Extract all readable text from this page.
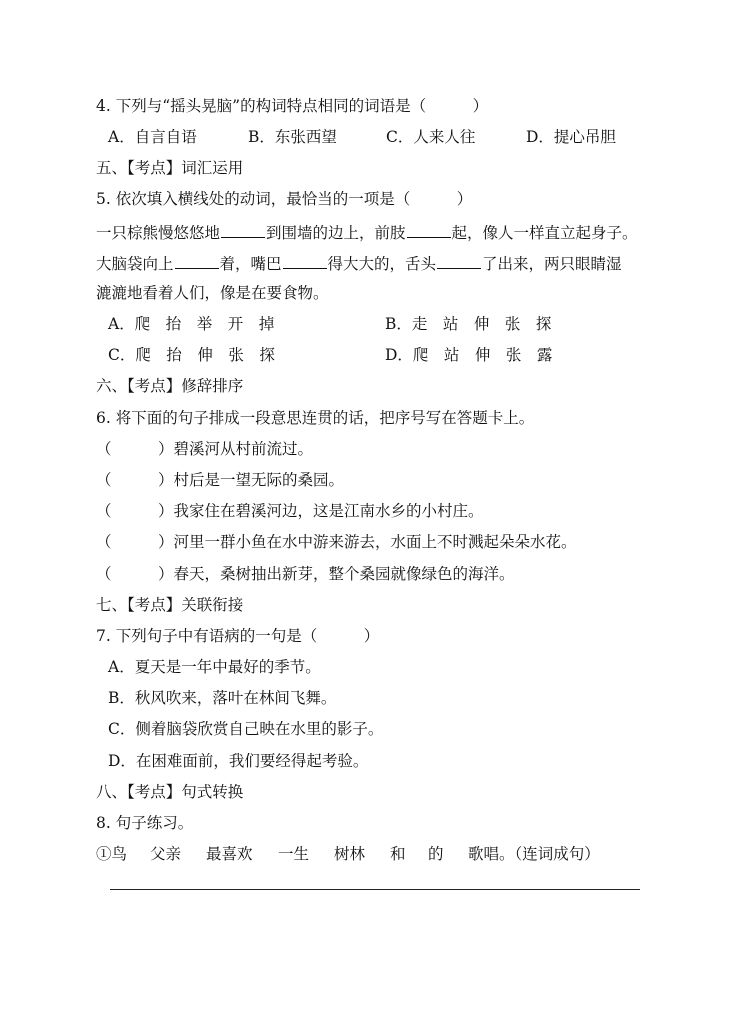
4. 下列与“摇头晃脑”的构词特点相同的词语是（　　　）
A．自言自语	B．东张西望	C．人来人往	D．提心吊胆
五、【考点】词汇运用
5. 依次填入横线处的动词，最恰当的一项是（　　　）
一只棕熊慢悠悠地	到围墙的边上，前肢	起，像人一样直立起身子。
大脑袋向上	着，嘴巴	得大大的，舌头	了出来，两只眼睛湿
漉漉地看着人们，像是在要食物。
A．爬　抬　举　开　掉	B．走　站　伸　张　探
C．爬　抬　伸　张　探	D．爬　站　伸　张　露
六、【考点】修辞排序
6. 将下面的句子排成一段意思连贯的话，把序号写在答题卡上。
（　　　）碧溪河从村前流过。
（　　　）村后是一望无际的桑园。
（　　　）我家住在碧溪河边，这是江南水乡的小村庄。
（　　　）河里一群小鱼在水中游来游去，水面上不时溅起朵朵水花。
（　　　）春天，桑树抽出新芽，整个桑园就像绿色的海洋。
七、【考点】关联衔接
7. 下列句子中有语病的一句是（　　　）
A．夏天是一年中最好的季节。
B．秋风吹来，落叶在林间飞舞。
C．侧着脑袋欣赏自己映在水里的影子。
D．在困难面前，我们要经得起考验。
八、【考点】句式转换
8. 句子练习。
①鸟	父亲	最喜欢	一生	树林	和	的	歌唱。（连词成句）
